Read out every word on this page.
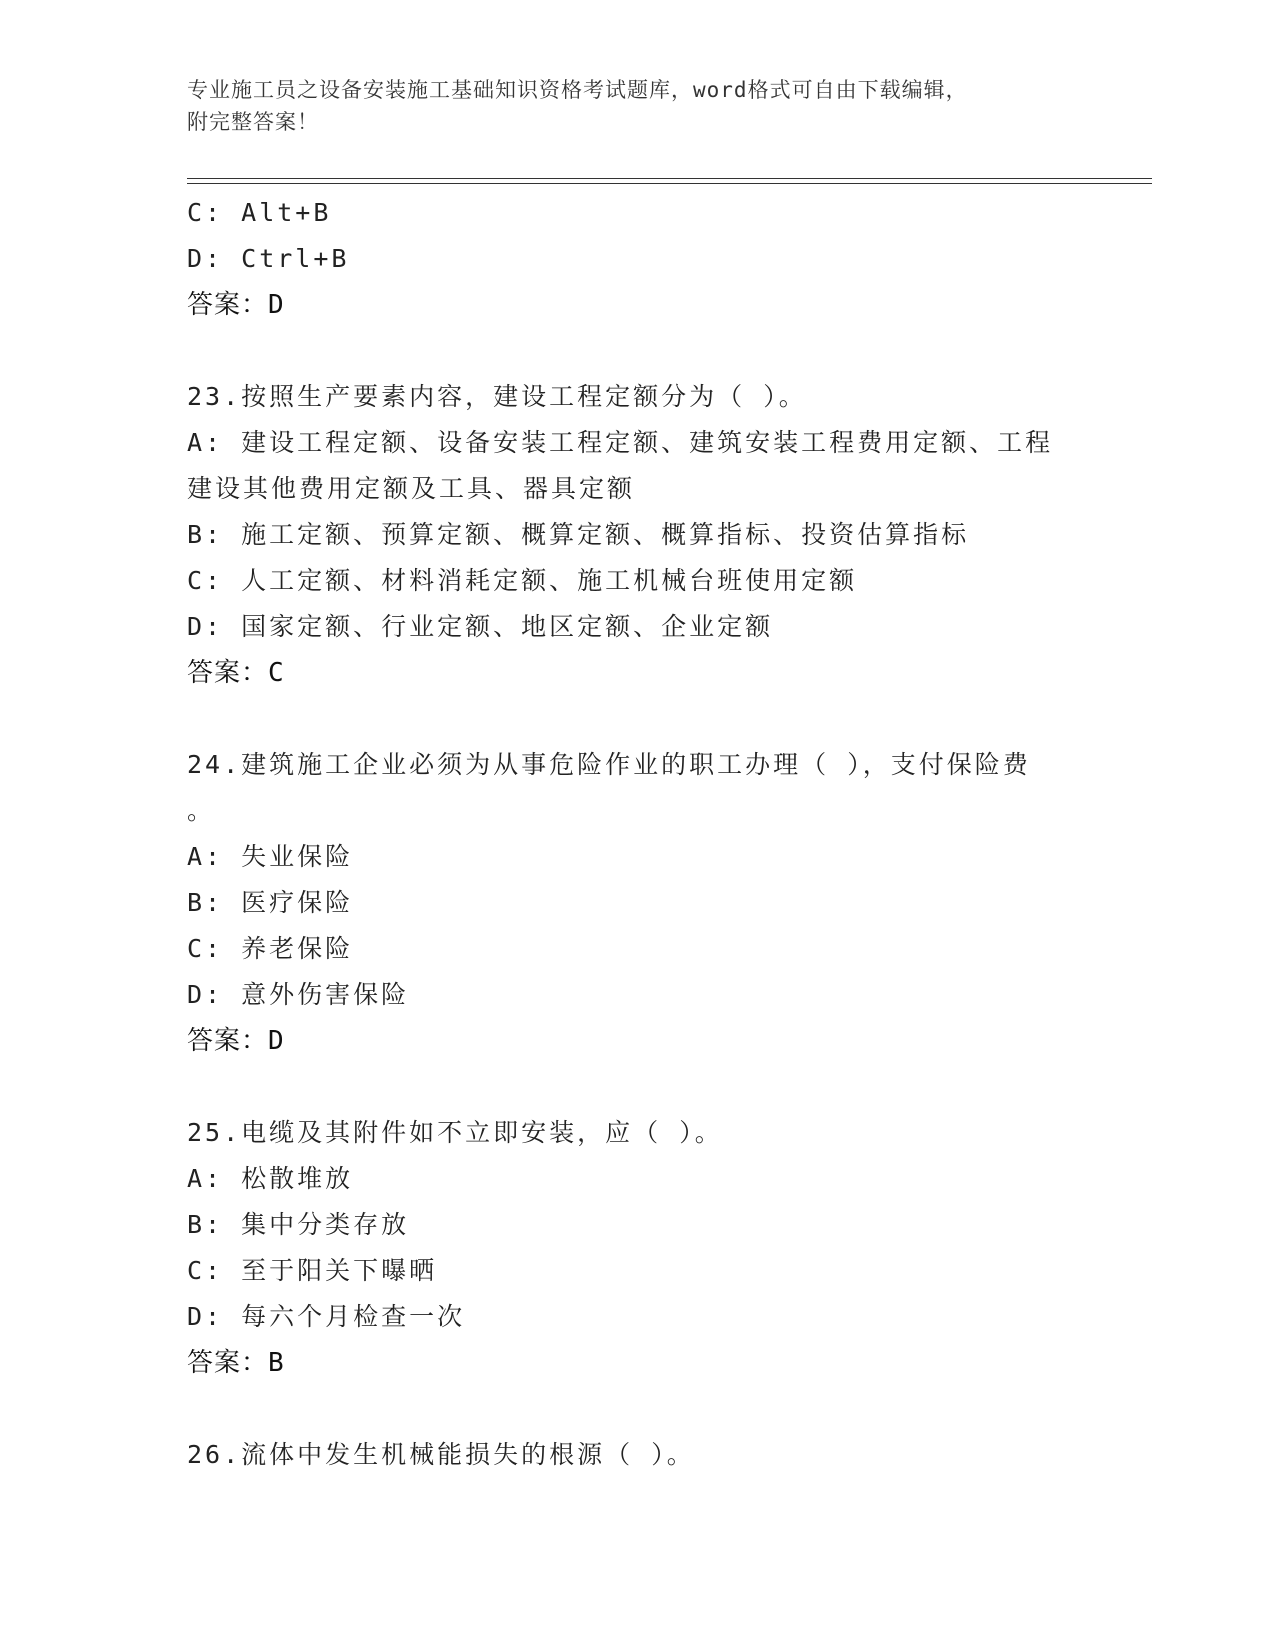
专业施工员之设备安装施工基础知识资格考试题库，word格式可自由下载编辑，
附完整答案！
C: Alt+B
D: Ctrl+B
答案：D
23.按照生产要素内容，建设工程定额分为（ ）。
A: 建设工程定额、设备安装工程定额、建筑安装工程费用定额、工程
建设其他费用定额及工具、器具定额
B: 施工定额、预算定额、概算定额、概算指标、投资估算指标
C: 人工定额、材料消耗定额、施工机械台班使用定额
D: 国家定额、行业定额、地区定额、企业定额
答案：C
24.建筑施工企业必须为从事危险作业的职工办理（ ），支付保险费
。
A: 失业保险
B: 医疗保险
C: 养老保险
D: 意外伤害保险
答案：D
25.电缆及其附件如不立即安装，应（ ）。
A: 松散堆放
B: 集中分类存放
C: 至于阳关下曝晒
D: 每六个月检查一次
答案：B
26.流体中发生机械能损失的根源（ ）。
